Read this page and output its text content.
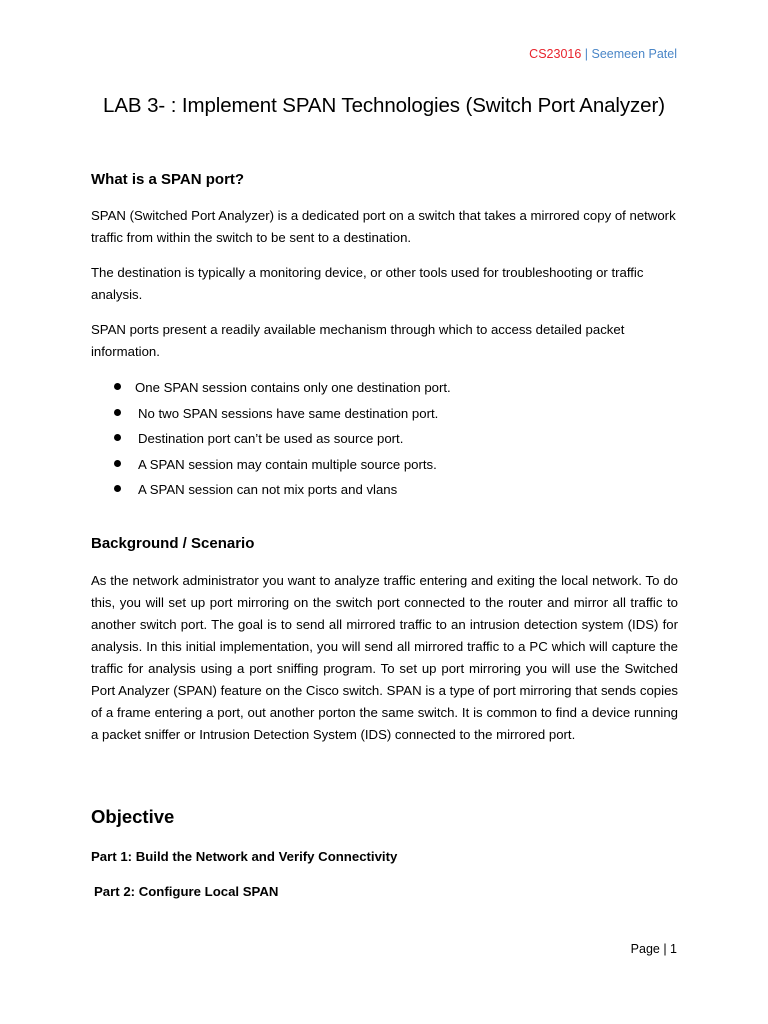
CS23016 | Seemeen Patel
LAB 3- : Implement SPAN Technologies (Switch Port Analyzer)
What is a SPAN port?

SPAN (Switched Port Analyzer) is a dedicated port on a switch that takes a mirrored copy of network traffic from within the switch to be sent to a destination.

The destination is typically a monitoring device, or other tools used for troubleshooting or traffic analysis.

SPAN ports present a readily available mechanism through which to access detailed packet information.

One SPAN session contains only one destination port.
No two SPAN sessions have same destination port.
Destination port can’t be used as source port.
A SPAN session may contain multiple source ports.
A SPAN session can not mix ports and vlans
Background / Scenario

As the network administrator you want to analyze traffic entering and exiting the local network. To do this, you will set up port mirroring on the switch port connected to the router and mirror all traffic to another switch port. The goal is to send all mirrored traffic to an intrusion detection system (IDS) for analysis. In this initial implementation, you will send all mirrored traffic to a PC which will capture the traffic for analysis using a port sniffing program. To set up port mirroring you will use the Switched Port Analyzer (SPAN) feature on the Cisco switch. SPAN is a type of port mirroring that sends copies of a frame entering a port, out another porton the same switch. It is common to find a device running a packet sniffer or Intrusion Detection System (IDS) connected to the mirrored port.

Objective
Part 1: Build the Network and Verify Connectivity
Part 2: Configure Local SPAN
Page | 1
